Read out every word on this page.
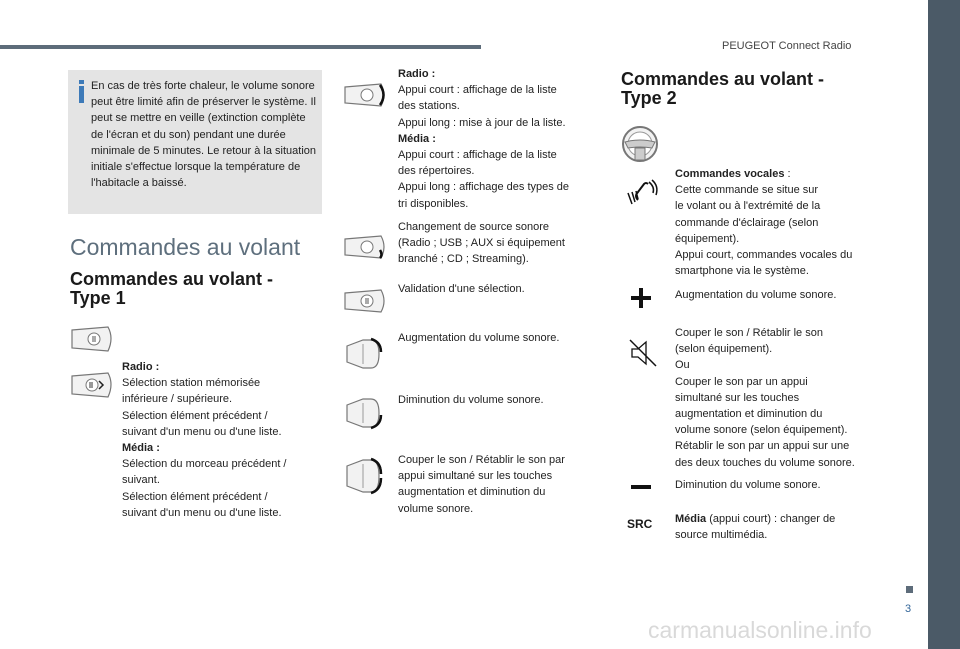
PEUGEOT Connect Radio
3
carmanualsonline.info
En cas de très forte chaleur, le volume sonore peut être limité afin de préserver le système. Il peut se mettre en veille (extinction complète de l'écran et du son) pendant une durée minimale de 5 minutes. Le retour à la situation initiale s'effectue lorsque la température de l'habitacle a baissé.
Commandes au volant
Commandes au volant -
Type 1
Commandes au volant -
Type 2
Radio :
Sélection station mémorisée
inférieure / supérieure.
Sélection élément précédent /
suivant d'un menu ou d'une liste.
Média :
Sélection du morceau précédent /
suivant.
Sélection élément précédent /
suivant d'un menu ou d'une liste.
Radio :
Appui court : affichage de la liste
des stations.
Appui long : mise à jour de la liste.
Média :
Appui court : affichage de la liste
des répertoires.
Appui long : affichage des types de
tri disponibles.
Changement de source sonore
(Radio ; USB ; AUX si équipement
branché ; CD ; Streaming).
Validation d'une sélection.
Augmentation du volume sonore.
Diminution du volume sonore.
Couper le son / Rétablir le son par
appui simultané sur les touches
augmentation et diminution du
volume sonore.
SRC
Commandes vocales :
Cette commande se situe sur
le volant ou à l'extrémité de la
commande d'éclairage (selon
équipement).
Appui court, commandes vocales du
smartphone via le système.
Augmentation du volume sonore.
Couper le son / Rétablir le son
(selon équipement).
Ou
Couper le son par un appui
simultané sur les touches
augmentation et diminution du
volume sonore (selon équipement).
Rétablir le son par un appui sur une
des deux touches du volume sonore.
Diminution du volume sonore.
Média (appui court) : changer de
source multimédia.
